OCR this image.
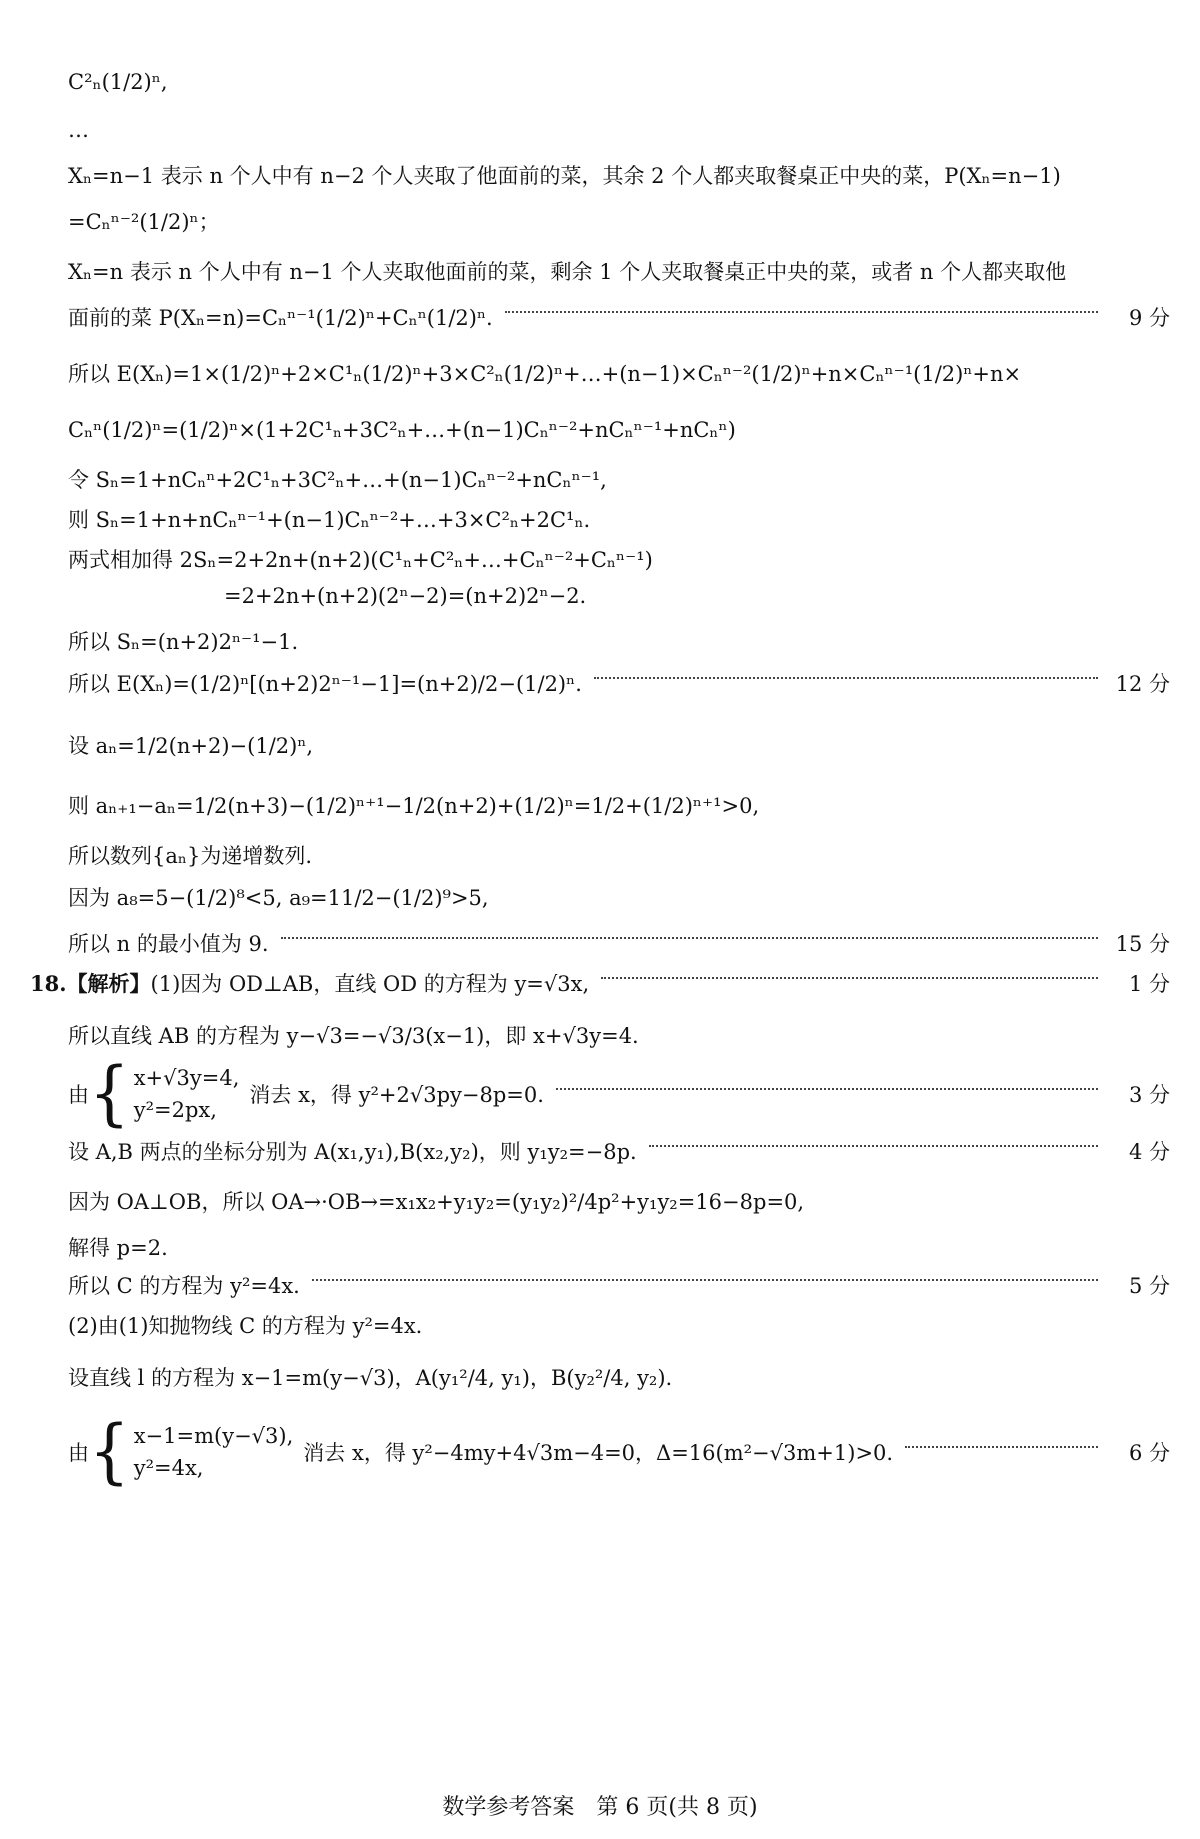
C²ₙ(1/2)ⁿ,
…
Xₙ=n−1 表示 n 个人中有 n−2 个人夹取了他面前的菜，其余 2 个人都夹取餐桌正中央的菜，P(Xₙ=n−1)
=Cₙⁿ⁻²(1/2)ⁿ；
Xₙ=n 表示 n 个人中有 n−1 个人夹取他面前的菜，剩余 1 个人夹取餐桌正中央的菜，或者 n 个人都夹取他
面前的菜 P(Xₙ=n)=Cₙⁿ⁻¹(1/2)ⁿ+Cₙⁿ(1/2)ⁿ.	9 分
所以 E(Xₙ)=1×(1/2)ⁿ+2×C¹ₙ(1/2)ⁿ+3×C²ₙ(1/2)ⁿ+…+(n−1)×Cₙⁿ⁻²(1/2)ⁿ+n×Cₙⁿ⁻¹(1/2)ⁿ+n×
Cₙⁿ(1/2)ⁿ=(1/2)ⁿ×(1+2C¹ₙ+3C²ₙ+…+(n−1)Cₙⁿ⁻²+nCₙⁿ⁻¹+nCₙⁿ)
令 Sₙ=1+nCₙⁿ+2C¹ₙ+3C²ₙ+…+(n−1)Cₙⁿ⁻²+nCₙⁿ⁻¹,
则 Sₙ=1+n+nCₙⁿ⁻¹+(n−1)Cₙⁿ⁻²+…+3×C²ₙ+2C¹ₙ.
两式相加得 2Sₙ=2+2n+(n+2)(C¹ₙ+C²ₙ+…+Cₙⁿ⁻²+Cₙⁿ⁻¹)
=2+2n+(n+2)(2ⁿ−2)=(n+2)2ⁿ−2.
所以 Sₙ=(n+2)2ⁿ⁻¹−1.
所以 E(Xₙ)=(1/2)ⁿ[(n+2)2ⁿ⁻¹−1]=(n+2)/2−(1/2)ⁿ.	12 分
设 aₙ=1/2(n+2)−(1/2)ⁿ,
则 aₙ₊₁−aₙ=1/2(n+3)−(1/2)ⁿ⁺¹−1/2(n+2)+(1/2)ⁿ=1/2+(1/2)ⁿ⁺¹>0,
所以数列{aₙ}为递增数列.
因为 a₈=5−(1/2)⁸<5, a₉=11/2−(1/2)⁹>5,
所以 n 的最小值为 9.	15 分
18.【解析】(1)因为 OD⊥AB，直线 OD 的方程为 y=√3x,	1 分
所以直线 AB 的方程为 y−√3=−√3/3(x−1)，即 x+√3y=4.
由 { x+√3y=4,
y²=2px,
消去 x，得 y²+2√3py−8p=0.	3 分
设 A,B 两点的坐标分别为 A(x₁,y₁),B(x₂,y₂)，则 y₁y₂=−8p.	4 分
因为 OA⊥OB，所以 OA→·OB→=x₁x₂+y₁y₂=(y₁y₂)²/4p²+y₁y₂=16−8p=0,
解得 p=2.
所以 C 的方程为 y²=4x.	5 分
(2)由(1)知抛物线 C 的方程为 y²=4x.
设直线 l 的方程为 x−1=m(y−√3)，A(y₁²/4, y₁)，B(y₂²/4, y₂).
由 { x−1=m(y−√3),
y²=4x,
消去 x，得 y²−4my+4√3m−4=0，Δ=16(m²−√3m+1)>0.	6 分
数学参考答案　第 6 页(共 8 页)
